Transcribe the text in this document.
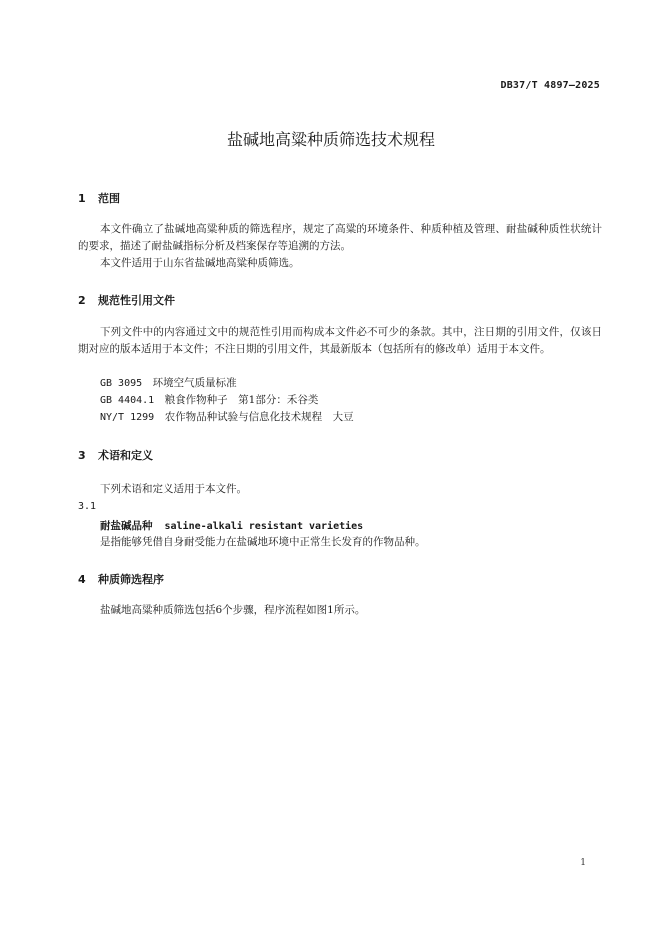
DB37/T 4897—2025
盐碱地高粱种质筛选技术规程
1 范围
本文件确立了盐碱地高粱种质的筛选程序，规定了高粱的环境条件、种质种植及管理、耐盐碱种质性状统计的要求，描述了耐盐碱指标分析及档案保存等追溯的方法。
本文件适用于山东省盐碱地高粱种质筛选。
2 规范性引用文件
下列文件中的内容通过文中的规范性引用而构成本文件必不可少的条款。其中，注日期的引用文件，仅该日期对应的版本适用于本文件；不注日期的引用文件，其最新版本（包括所有的修改单）适用于本文件。
GB 3095　 环境空气质量标准
GB 4404.1　 粮食作物种子　第1部分：禾谷类
NY/T 1299　 农作物品种试验与信息化技术规程　大豆
3 术语和定义
下列术语和定义适用于本文件。
3.1
耐盐碱品种 saline-alkali resistant varieties
是指能够凭借自身耐受能力在盐碱地环境中正常生长发育的作物品种。
4 种质筛选程序
盐碱地高粱种质筛选包括6个步骤，程序流程如图1所示。
1
